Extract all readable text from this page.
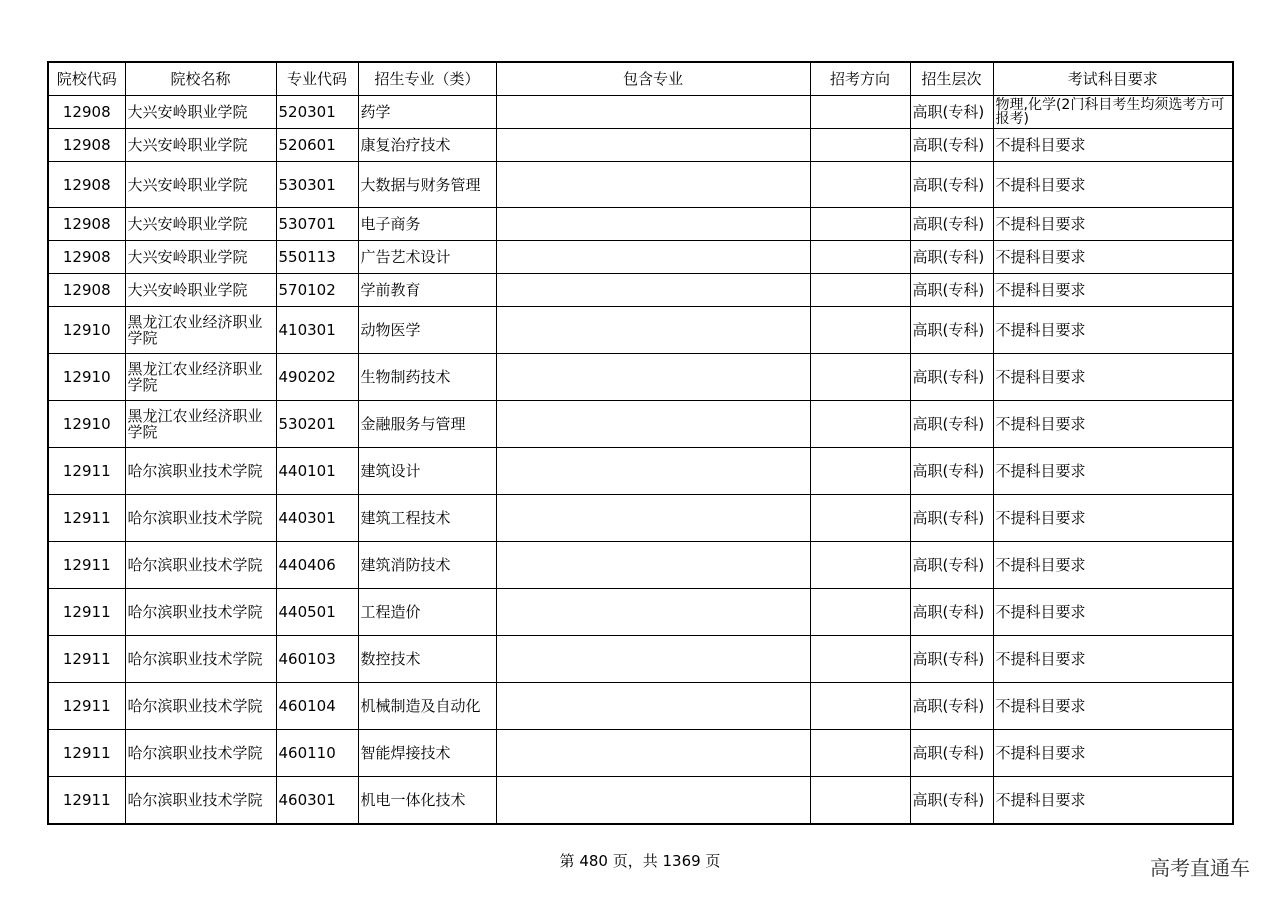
院校代码	院校名称	专业代码	招生专业（类）	包含专业	招考方向	招生层次	考试科目要求
12908	大兴安岭职业学院	520301	药学			高职(专科)	物理,化学(2门科目考生均须选考方可报考)
12908	大兴安岭职业学院	520601	康复治疗技术			高职(专科)	不提科目要求
12908	大兴安岭职业学院	530301	大数据与财务管理			高职(专科)	不提科目要求
12908	大兴安岭职业学院	530701	电子商务			高职(专科)	不提科目要求
12908	大兴安岭职业学院	550113	广告艺术设计			高职(专科)	不提科目要求
12908	大兴安岭职业学院	570102	学前教育			高职(专科)	不提科目要求
12910	黑龙江农业经济职业学院	410301	动物医学			高职(专科)	不提科目要求
12910	黑龙江农业经济职业学院	490202	生物制药技术			高职(专科)	不提科目要求
12910	黑龙江农业经济职业学院	530201	金融服务与管理			高职(专科)	不提科目要求
12911	哈尔滨职业技术学院	440101	建筑设计			高职(专科)	不提科目要求
12911	哈尔滨职业技术学院	440301	建筑工程技术			高职(专科)	不提科目要求
12911	哈尔滨职业技术学院	440406	建筑消防技术			高职(专科)	不提科目要求
12911	哈尔滨职业技术学院	440501	工程造价			高职(专科)	不提科目要求
12911	哈尔滨职业技术学院	460103	数控技术			高职(专科)	不提科目要求
12911	哈尔滨职业技术学院	460104	机械制造及自动化			高职(专科)	不提科目要求
12911	哈尔滨职业技术学院	460110	智能焊接技术			高职(专科)	不提科目要求
12911	哈尔滨职业技术学院	460301	机电一体化技术			高职(专科)	不提科目要求
第 480 页，共 1369 页	高考直通车
